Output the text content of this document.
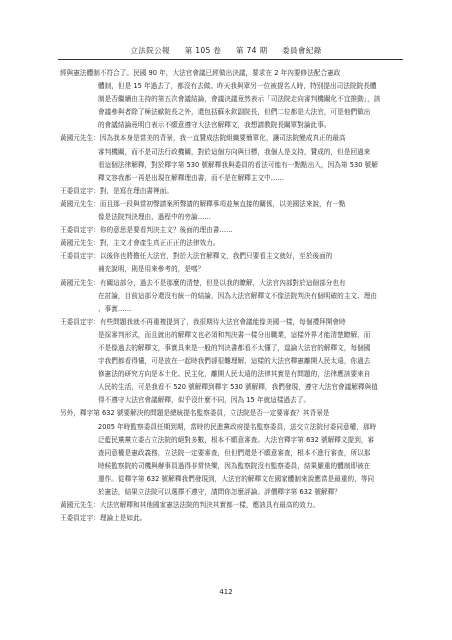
立法院公報 第 105 卷 第 74 期 委員會紀錄
經與憲法體制不符合了。民國 90 年，大法官會議已經做出決議，要求在 2 年內要修法配合憲政
體制，但是 15 年過去了，都沒有去做。昨天我與眾另一位被提名人時，特別提出司法院院長體
制是否繼續由主持的第五次會議結論，會議決議竟然表示「司法院走向審判機關化不宜推動」，該
會議參與者除了極法歐院長之外，還包括蘇永欽副院長，但們二位都是大法官，可是他們做出
的會議結論竟明白表示不願意遵守大法官解釋文，我想請教院長關單對論此事。
黃國元先生：因為我本身是當美的背景，我一直贊成法院組織要簡單化，讓司法院變成真正的最高
審判機關，而不是司法行政機關，對於這個方向與目標，我個人是支持，贊成的，但是回過來
看這個法律解釋，對於釋字第 530 號解釋我與委員的看法可能有一點點出入，因為第 530 號解
釋文容我都一再是出現在解釋理由書，而不是在解釋主文中……
王委員定宇：對，是寫在理由書裡面。
黃國元先生：而且那一段與當初聲請案所聲請的解釋事項並無直接的關係，以美國法來說，有一點
像是法院判決理由、過程中的旁論……
王委員定宇：你的意思是要看判決主文？後面的理由書……
黃國元先生：對，主文才會產生真正正正的法律效力。
王委員定宇：以後你也將擔任大法官，對於大法官解釋文，我們只要看主文就好，至於後面的
補充說明，則是用來參考的，是嗎？
黃國元先生：有關這部分，過去不是那麼的清楚，但是以我的瞭解，大法官內部對於這個部分也有
在討論，目前這部分還沒有統一的結論，因為大法官解釋文不像法院判決有個明確的主文、理由
、事實……
王委員定宇：有些問題我就不再重複提到了，我很期待大法官會議能像美國一樣，每個禮拜開會時
是採審判形式，而且就出的解釋文也必須和判決書一樣分出職業，這樣外界才能清楚瞭解，而
不是像過去的解釋文，事實具來是一般的判決書都看不太懂了，遑論大法官的解釋文，每個國
宇我們都看得懂，可是放在一起時我們卻很難理解，這樣的大法官釋憲離開人民太遠，你過去
修憲法的研究方向是本土化、民主化，離開人民太遠的法律其實是有問題的，法律應該要來自
人民的生活，可是我看不 520 號解釋到釋字 530 號解釋，我們發現，遵守大法官會議解釋與值
得不遵守大法官會議解釋，似乎沒什麼不同，因為 15 年就這樣過去了。
另外，釋字第 632 號要解決的問題是總統提名監察委員，立法院是否一定要審查？其背景是
2005 年時監察委員任期到期，當時的民進黨政府提名監察委員，送交立法院付委同意權，那時
泛藍民黨黨立委占立法院的絕對多數，根本不願意審查。大法官釋字第 632 號解釋文提到，審
查同意權是憲政義務，立法院一定要審查，但但們還是不願意審查，根本不進行審查，所以那
時候監察院的司機與辦事員過得非常快樂，因為監察院沒有監察委員，結果嚴重的體制即被在
運作。從釋字第 632 號解釋我們發現到，大法官的解釋文在國家體制來說應當是最重的，等同
於憲法，結果立法院可以選擇不遵守，請問你怎麼評論、評價釋字第 632 號解釋？
黃國元先生：大法官解釋和其他國家憲法法院的判決其實都一樣，應該具有最高的效力。
王委員定宇：理論上是如此。
412
